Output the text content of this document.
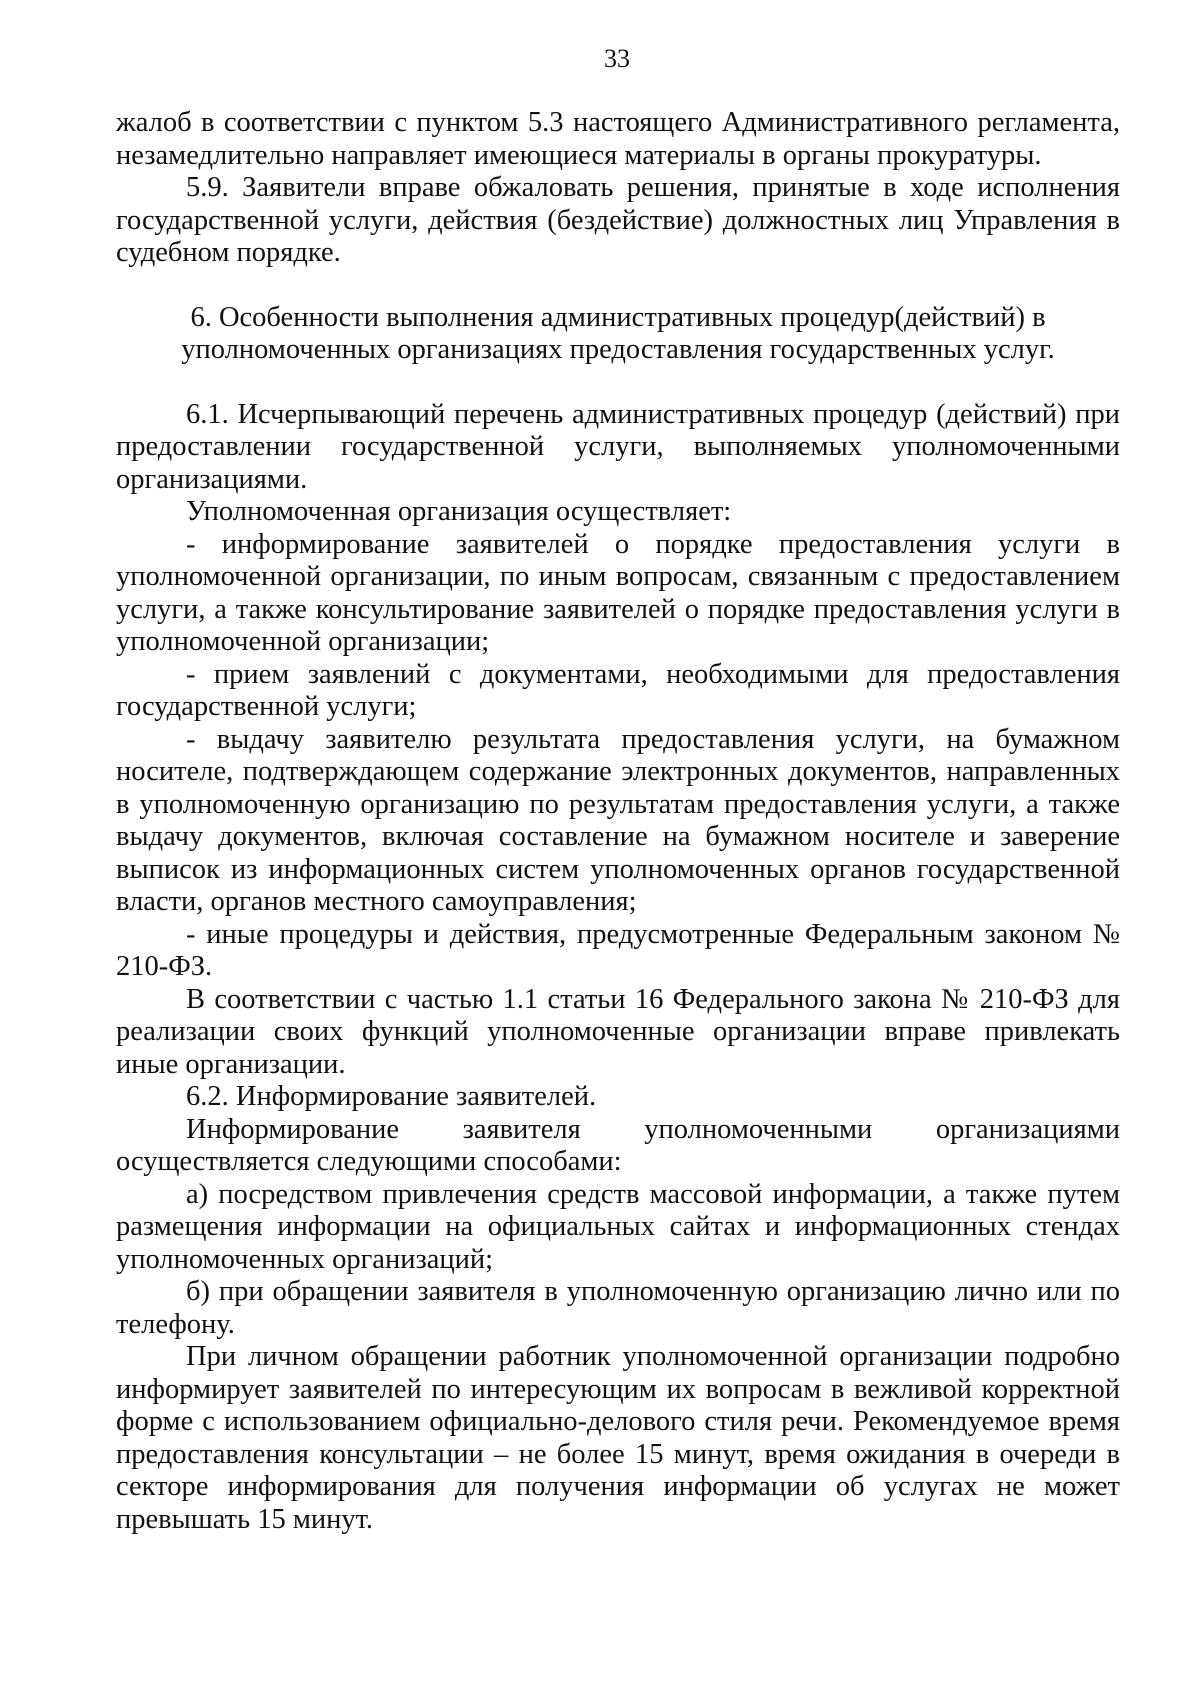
33

жалоб в соответствии с пунктом 5.3 настоящего Административного регламента, незамедлительно направляет имеющиеся материалы в органы прокуратуры.

5.9. Заявители вправе обжаловать решения, принятые в ходе исполнения государственной услуги, действия (бездействие) должностных лиц Управления в судебном порядке.

6. Особенности выполнения административных процедур(действий) в
уполномоченных организациях предоставления государственных услуг.

6.1. Исчерпывающий перечень административных процедур (действий) при предоставлении государственной услуги, выполняемых уполномоченными организациями.

Уполномоченная организация осуществляет:

- информирование заявителей о порядке предоставления услуги в уполномоченной организации, по иным вопросам, связанным с предоставлением услуги, а также консультирование заявителей о порядке предоставления услуги в уполномоченной организации;

- прием заявлений с документами, необходимыми для предоставления государственной услуги;

- выдачу заявителю результата предоставления услуги, на бумажном носителе, подтверждающем содержание электронных документов, направленных в уполномоченную организацию по результатам предоставления услуги, а также выдачу документов, включая составление на бумажном носителе и заверение выписок из информационных систем уполномоченных органов государственной власти, органов местного самоуправления;

- иные процедуры и действия, предусмотренные Федеральным законом № 210-ФЗ.

В соответствии с частью 1.1 статьи 16 Федерального закона № 210-ФЗ для реализации своих функций уполномоченные организации вправе привлекать иные организации.

6.2. Информирование заявителей.

Информирование заявителя уполномоченными организациями

осуществляется следующими способами:

а) посредством привлечения средств массовой информации, а также путем размещения информации на официальных сайтах и информационных стендах уполномоченных организаций;

б) при обращении заявителя в уполномоченную организацию лично или по телефону.

При личном обращении работник уполномоченной организации подробно информирует заявителей по интересующим их вопросам в вежливой корректной форме с использованием официально-делового стиля речи. Рекомендуемое время предоставления консультации – не более 15 минут, время ожидания в очереди в секторе информирования для получения информации об услугах не может превышать 15 минут.
